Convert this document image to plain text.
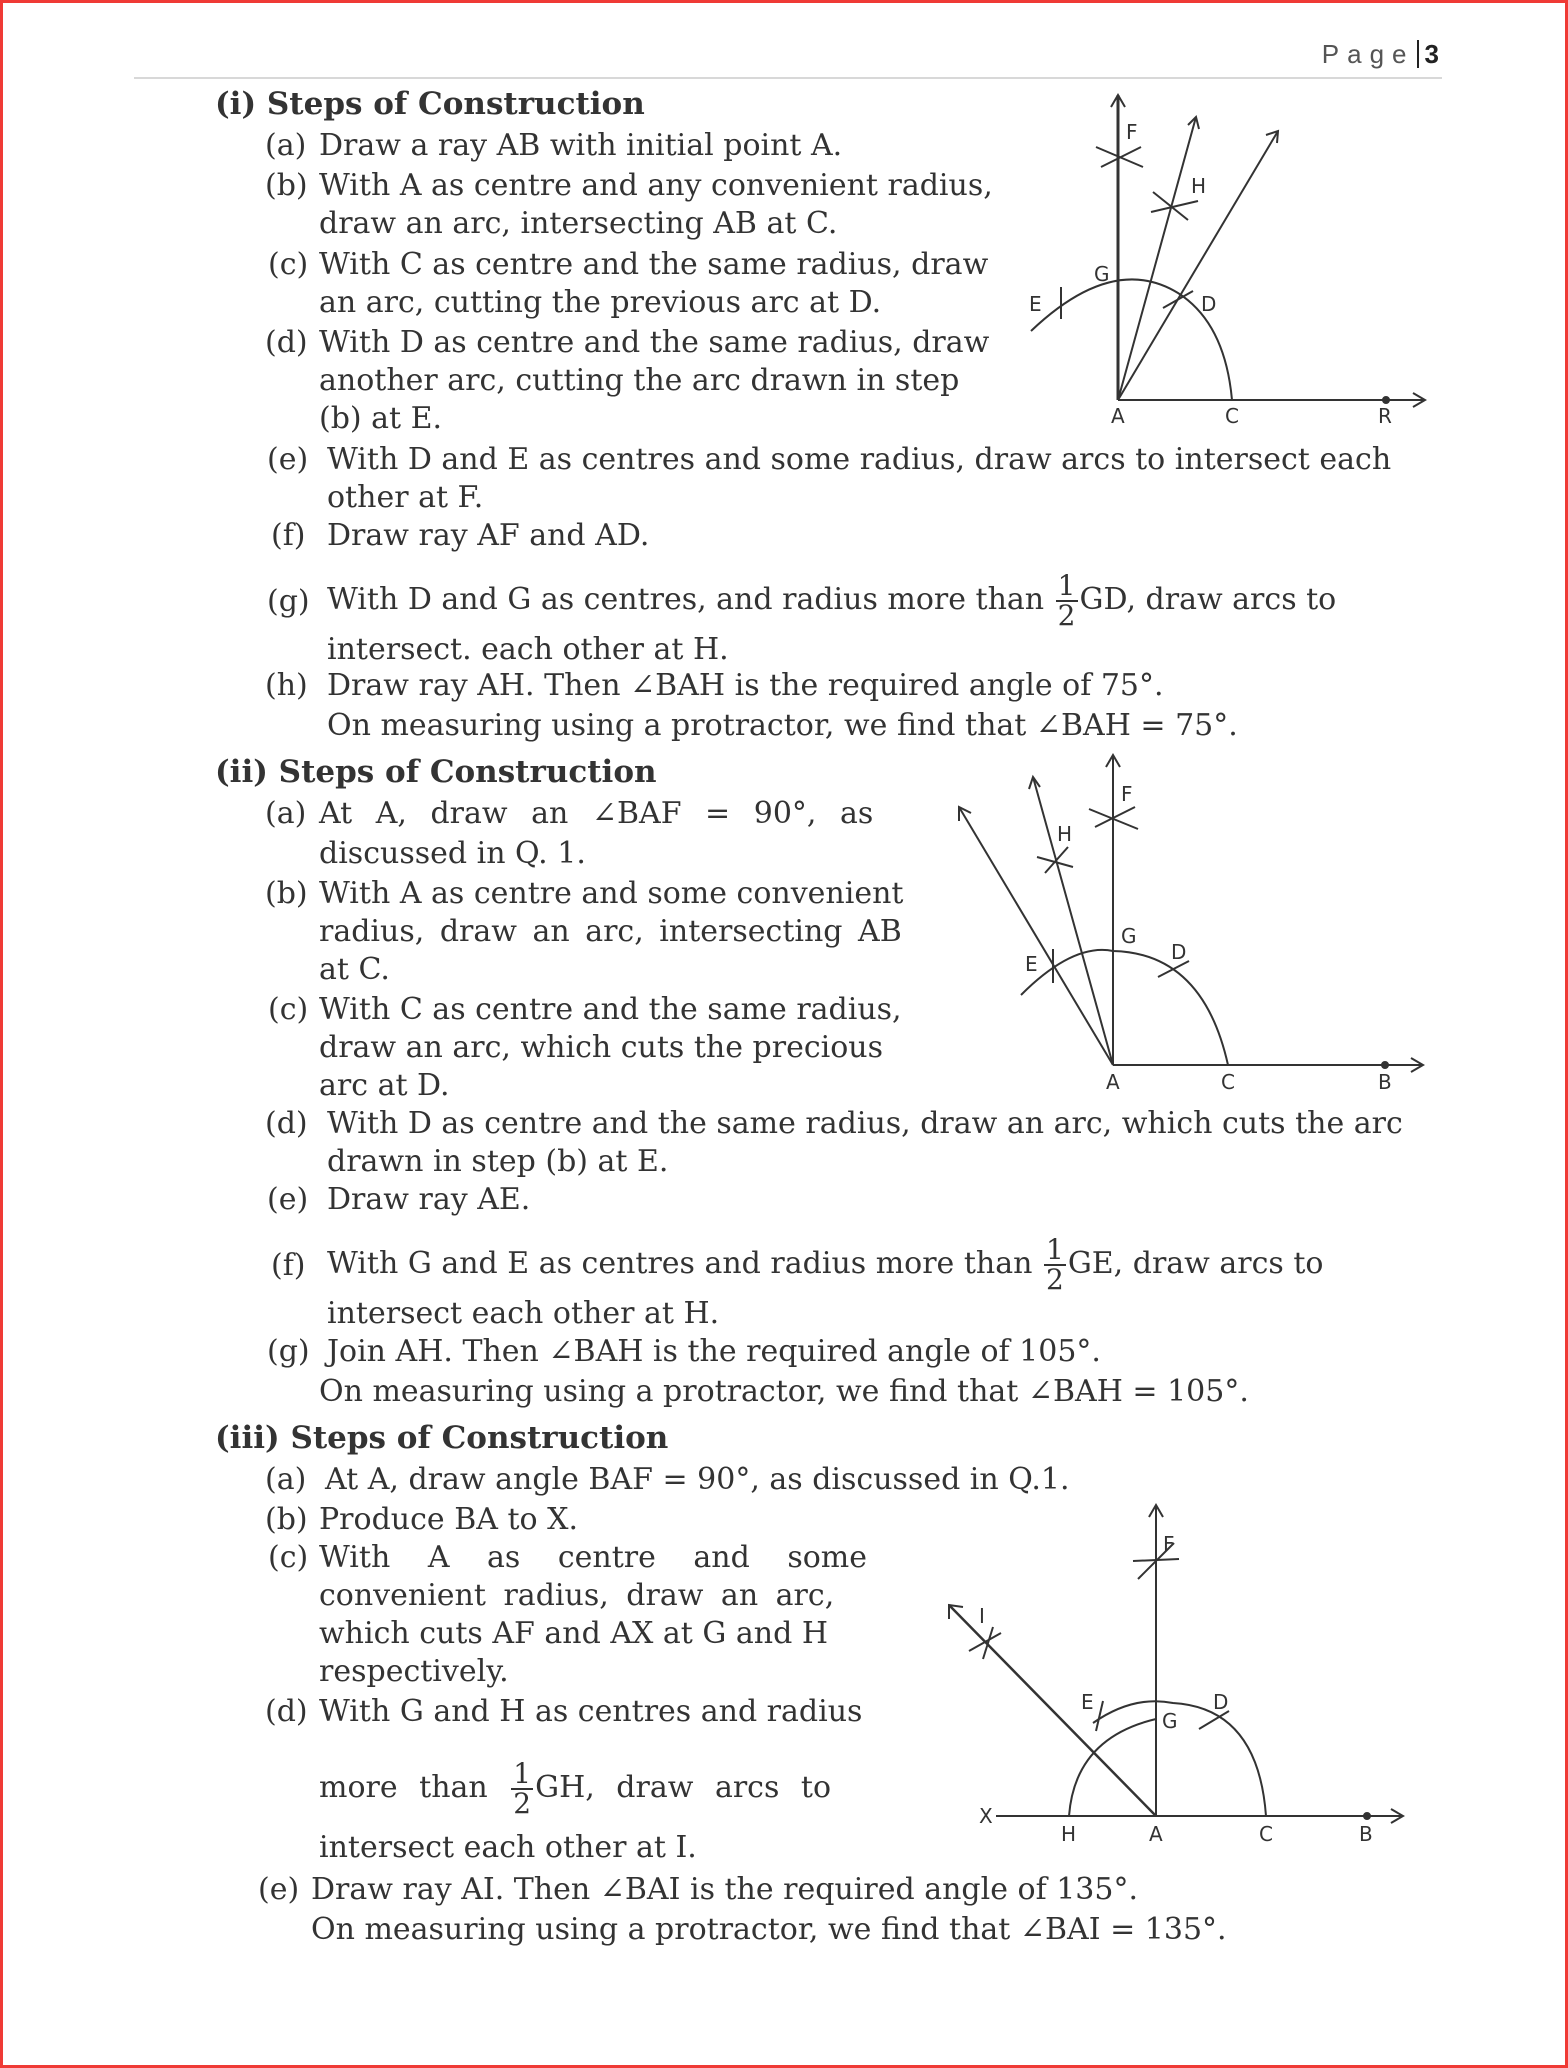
Page 3
(i) Steps of Construction
(a) Draw a ray AB with initial point A.
(b) With A as centre and any convenient radius,
draw an arc, intersecting AB at C.
(c) With C as centre and the same radius, draw
an arc, cutting the previous arc at D.
(d) With D as centre and the same radius, draw
another arc, cutting the arc drawn in step
(b) at E.
(e) With D and E as centres and some radius, draw arcs to intersect each
other at F.
(f) Draw ray AF and AD.
(g) With D and G as centres, and radius more than $\frac{1}{2}$ GD, draw arcs to
intersect. each other at H.
(h) Draw ray AH. Then ∠BAH is the required angle of 75°.
On measuring using a protractor, we find that ∠BAH = 75°.
(ii) Steps of Construction
(a) At A, draw an ∠BAF = 90°, as
discussed in Q. 1.
(b) With A as centre and some convenient
radius, draw an arc, intersecting AB
at C.
(c) With C as centre and the same radius,
draw an arc, which cuts the precious
arc at D.
(d) With D as centre and the same radius, draw an arc, which cuts the arc
drawn in step (b) at E.
(e) Draw ray AE.
(f) With G and E as centres and radius more than $\frac{1}{2}$ GE, draw arcs to
intersect each other at H.
(g) Join AH. Then ∠BAH is the required angle of 105°.
On measuring using a protractor, we find that ∠BAH = 105°.
(iii) Steps of Construction
(a) At A, draw angle BAF = 90°, as discussed in Q.1.
(b) Produce BA to X.
(c) With A as centre and some
convenient radius, draw an arc,
which cuts AF and AX at G and H
respectively.
(d) With G and H as centres and radius
more than $\frac{1}{2}$ GH, draw arcs to
intersect each other at I.
(e) Draw ray AI. Then ∠BAI is the required angle of 135°.
On measuring using a protractor, we find that ∠BAI = 135°.
A	C	R
D
E
G
F
H
A	C	B
D
E
G
F
H
X
H	A	C	B
D
E
G
F
I
